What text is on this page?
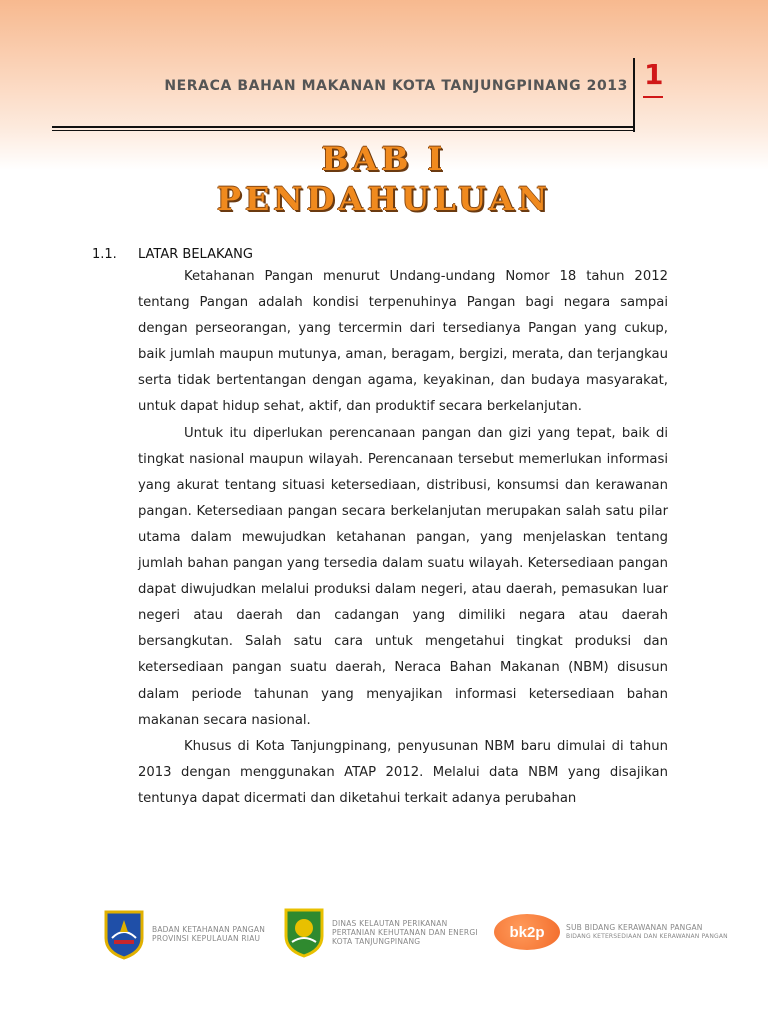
NERACA BAHAN MAKANAN KOTA TANJUNGPINANG 2013 1
BAB I
PENDAHULUAN
1.1. LATAR BELAKANG

Ketahanan Pangan menurut Undang-undang Nomor 18 tahun 2012 tentang Pangan adalah kondisi terpenuhinya Pangan bagi negara sampai dengan perseorangan, yang tercermin dari tersedianya Pangan yang cukup, baik jumlah maupun mutunya, aman, beragam, bergizi, merata, dan terjangkau serta tidak bertentangan dengan agama, keyakinan, dan budaya masyarakat, untuk dapat hidup sehat, aktif, dan produktif secara berkelanjutan.

Untuk itu diperlukan perencanaan pangan dan gizi yang tepat, baik di tingkat nasional maupun wilayah. Perencanaan tersebut memerlukan informasi yang akurat tentang situasi ketersediaan, distribusi, konsumsi dan kerawanan pangan. Ketersediaan pangan secara berkelanjutan merupakan salah satu pilar utama dalam mewujudkan ketahanan pangan, yang menjelaskan tentang jumlah bahan pangan yang tersedia dalam suatu wilayah. Ketersediaan pangan dapat diwujudkan melalui produksi dalam negeri, atau daerah, pemasukan luar negeri atau daerah dan cadangan yang dimiliki negara atau daerah bersangkutan. Salah satu cara untuk mengetahui tingkat produksi dan ketersediaan pangan suatu daerah, Neraca Bahan Makanan (NBM) disusun dalam periode tahunan yang menyajikan informasi ketersediaan bahan makanan secara nasional.

Khusus di Kota Tanjungpinang, penyusunan NBM baru dimulai di tahun 2013 dengan menggunakan ATAP 2012. Melalui data NBM yang disajikan tentunya dapat dicermati dan diketahui terkait adanya perubahan

BADAN KETAHANAN PANGAN
PROVINSI KEPULAUAN RIAU
DINAS KELAUTAN PERIKANAN
PERTANIAN KEHUTANAN DAN ENERGI
KOTA TANJUNGPINANG
bk2p	SUB BIDANG KERAWANAN PANGAN
BIDANG KETERSEDIAAN DAN KERAWANAN PANGAN
